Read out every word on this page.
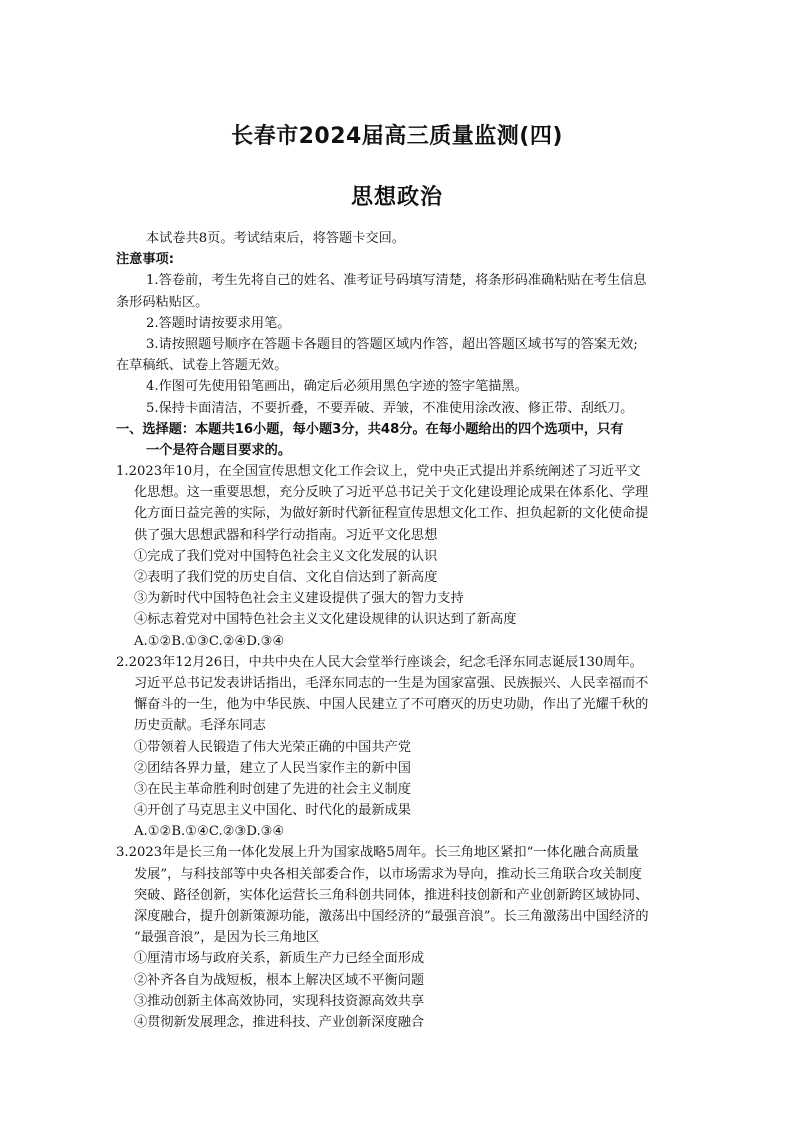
长春市2024届高三质量监测(四)
思想政治
本试卷共8页。考试结束后，将答题卡交回。
注意事项:
1.答卷前，考生先将自己的姓名、准考证号码填写清楚，将条形码准确粘贴在考生信息
条形码粘贴区。
2.答题时请按要求用笔。
3.请按照题号顺序在答题卡各题目的答题区域内作答，超出答题区域书写的答案无效;
在草稿纸、试卷上答题无效。
4.作图可先使用铅笔画出，确定后必须用黑色字迹的签字笔描黑。
5.保持卡面清洁，不要折叠，不要弄破、弄皱，不准使用涂改液、修正带、刮纸刀。
一、选择题：本题共16小题，每小题3分，共48分。在每小题给出的四个选项中，只有
一个是符合题目要求的。
1.2023年10月，在全国宣传思想文化工作会议上，党中央正式提出并系统阐述了习近平文
化思想。这一重要思想，充分反映了习近平总书记关于文化建设理论成果在体系化、学理
化方面日益完善的实际，为做好新时代新征程宣传思想文化工作、担负起新的文化使命提
供了强大思想武器和科学行动指南。习近平文化思想
①完成了我们党对中国特色社会主义文化发展的认识
②表明了我们党的历史自信、文化自信达到了新高度
③为新时代中国特色社会主义建设提供了强大的智力支持
④标志着党对中国特色社会主义文化建设规律的认识达到了新高度
A.①②B.①③C.②④D.③④
2.2023年12月26日，中共中央在人民大会堂举行座谈会，纪念毛泽东同志诞辰130周年。
习近平总书记发表讲话指出，毛泽东同志的一生是为国家富强、民族振兴、人民幸福而不
懈奋斗的一生，他为中华民族、中国人民建立了不可磨灭的历史功勋，作出了光耀千秋的
历史贡献。毛泽东同志
①带领着人民锻造了伟大光荣正确的中国共产党
②团结各界力量，建立了人民当家作主的新中国
③在民主革命胜利时创建了先进的社会主义制度
④开创了马克思主义中国化、时代化的最新成果
A.①②B.①④C.②③D.③④
3.2023年是长三角一体化发展上升为国家战略5周年。长三角地区紧扣“一体化融合高质量
发展”，与科技部等中央各相关部委合作，以市场需求为导向，推动长三角联合攻关制度
突破、路径创新，实体化运营长三角科创共同体，推进科技创新和产业创新跨区域协同、
深度融合，提升创新策源功能，激荡出中国经济的“最强音浪”。长三角激荡出中国经济的
“最强音浪”，是因为长三角地区
①厘清市场与政府关系，新质生产力已经全面形成
②补齐各自为战短板，根本上解决区域不平衡问题
③推动创新主体高效协同，实现科技资源高效共享
④贯彻新发展理念，推进科技、产业创新深度融合
